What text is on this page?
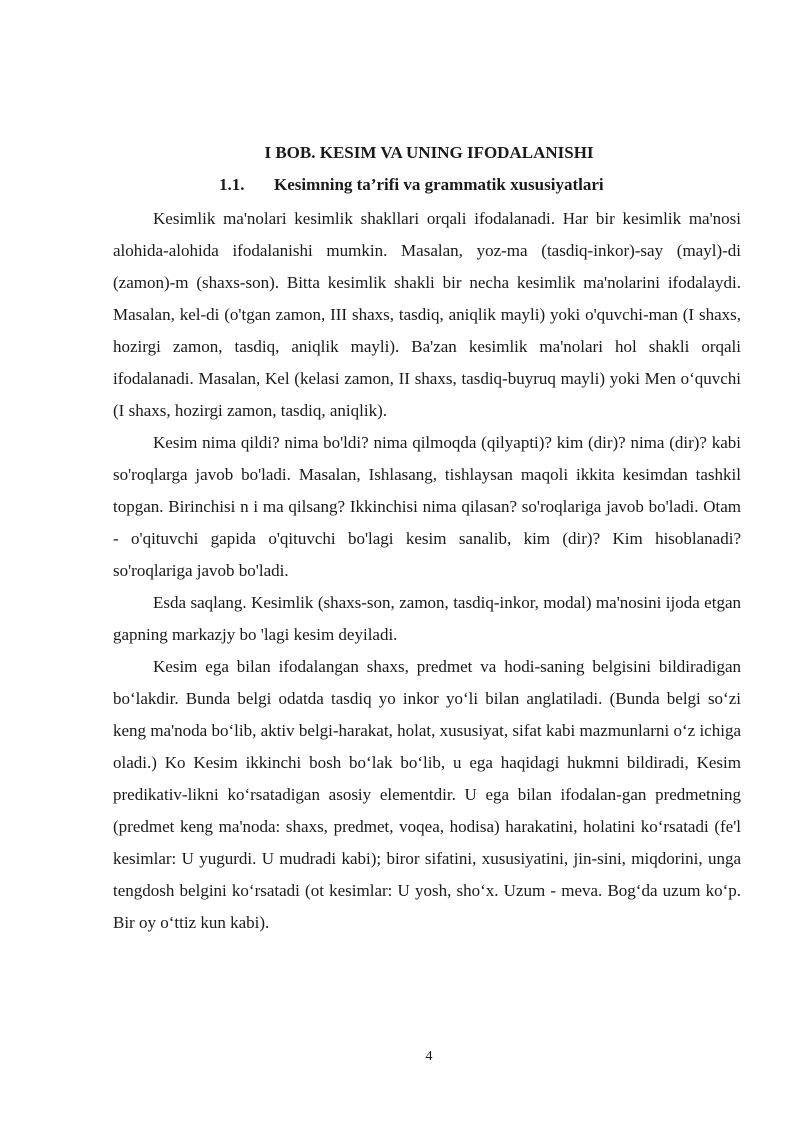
I BOB. KESIM VA UNING IFODALANISHI
1.1. Kesimning ta’rifi va grammatik xususiyatlari

Kesimlik ma'nolari kesimlik shakllari orqali ifodalanadi. Har bir kesimlik ma'nosi alohida-alohida ifodalanishi mumkin. Masalan, yoz-ma (tasdiq-inkor)-say (mayl)-di (zamon)-m (shaxs-son). Bitta kesimlik shakli bir necha kesimlik ma'nolarini ifodalaydi. Masalan, kel-di (o'tgan zamon, III shaxs, tasdiq, aniqlik mayli) yoki o'quvchi-man (I shaxs, hozirgi zamon, tasdiq, aniqlik mayli). Ba'zan kesimlik ma'nolari hol shakli orqali ifodalanadi. Masalan, Kel (kelasi zamon, II shaxs, tasdiq-buyruq mayli) yoki Men o‘quvchi (I shaxs, hozirgi zamon, tasdiq, aniqlik).

Kesim nima qildi? nima bo'ldi? nima qilmoqda (qilyapti)? kim (dir)? nima (dir)? kabi so'roqlarga javob bo'ladi. Masalan, Ishlasang, tishlaysan maqoli ikkita kesimdan tashkil topgan. Birinchisi n i ma qilsang? Ikkinchisi nima qilasan? so'roqlariga javob bo'ladi. Otam - o'qituvchi gapida o'qituvchi bo'lagi kesim sanalib, kim (dir)? Kim hisoblanadi? so'roqlariga javob bo'ladi.

Esda saqlang. Kesimlik (shaxs-son, zamon, tasdiq-inkor, modal) ma'nosini ijoda etgan gapning markazjy bo 'lagi kesim deyiladi.

Kesim ega bilan ifodalangan shaxs, predmet va hodi-saning belgisini bildiradigan bo‘lakdir. Bunda belgi odatda tasdiq yo inkor yo‘li bilan anglatiladi. (Bunda belgi so‘zi keng ma'noda bo‘lib, aktiv belgi-harakat, holat, xususiyat, sifat kabi mazmunlarni o‘z ichiga oladi.) Ko Kesim ikkinchi bosh bo‘lak bo‘lib, u ega haqidagi hukmni bildiradi, Kesim predikativ-likni ko‘rsatadigan asosiy elementdir. U ega bilan ifodalan-gan predmetning (predmet keng ma'noda: shaxs, predmet, voqea, hodisa) harakatini, holatini ko‘rsatadi (fe'l kesimlar: U yugurdi. U mudradi kabi); biror sifatini, xususiyatini, jin-sini, miqdorini, unga tengdosh belgini ko‘rsatadi (ot kesimlar: U yosh, sho‘x. Uzum - meva. Bog‘da uzum ko‘p. Bir oy o‘ttiz kun kabi).

4
